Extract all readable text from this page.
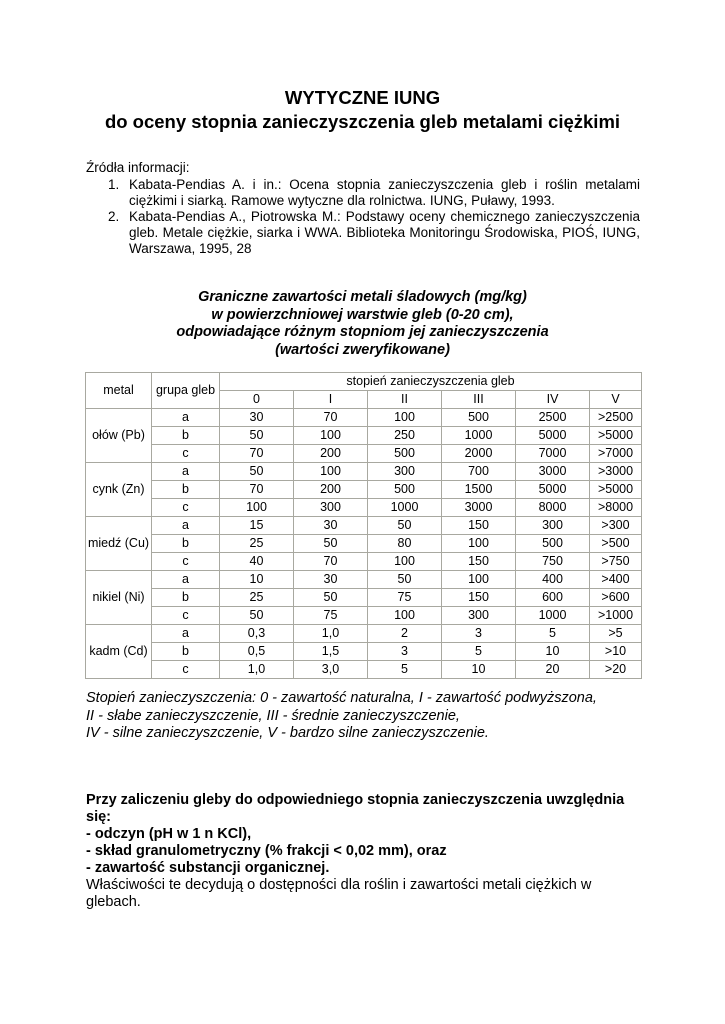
WYTYCZNE IUNG
do oceny stopnia zanieczyszczenia gleb metalami ciężkimi
Źródła informacji:
1. Kabata-Pendias A. i in.: Ocena stopnia zanieczyszczenia gleb i roślin metalami ciężkimi i siarką. Ramowe wytyczne dla rolnictwa. IUNG, Puławy, 1993.
2. Kabata-Pendias A., Piotrowska M.: Podstawy oceny chemicznego zanieczyszczenia gleb. Metale ciężkie, siarka i WWA. Biblioteka Monitoringu Środowiska, PIOŚ, IUNG, Warszawa, 1995, 28
Graniczne zawartości metali śladowych (mg/kg)
w powierzchniowej warstwie gleb (0-20 cm),
odpowiadające różnym stopniom jej zanieczyszczenia
(wartości zweryfikowane)
metal	grupa gleb	stopień zanieczyszczenia gleb					
		0	I	II	III	IV	V
ołów (Pb)	a	30	70	100	500	2500	>2500
	b	50	100	250	1000	5000	>5000
	c	70	200	500	2000	7000	>7000
cynk (Zn)	a	50	100	300	700	3000	>3000
	b	70	200	500	1500	5000	>5000
	c	100	300	1000	3000	8000	>8000
miedź (Cu)	a	15	30	50	150	300	>300
	b	25	50	80	100	500	>500
	c	40	70	100	150	750	>750
nikiel (Ni)	a	10	30	50	100	400	>400
	b	25	50	75	150	600	>600
	c	50	75	100	300	1000	>1000
kadm (Cd)	a	0,3	1,0	2	3	5	>5
	b	0,5	1,5	3	5	10	>10
	c	1,0	3,0	5	10	20	>20
Stopień zanieczyszczenia: 0 - zawartość naturalna, I - zawartość podwyższona,
II - słabe zanieczyszczenie, III - średnie zanieczyszczenie,
IV - silne zanieczyszczenie, V - bardzo silne zanieczyszczenie.
Przy zaliczeniu gleby do odpowiedniego stopnia zanieczyszczenia uwzględnia
się:
- odczyn (pH w 1 n KCl),
- skład granulometryczny (% frakcji < 0,02 mm), oraz
- zawartość substancji organicznej.
Właściwości te decydują o dostępności dla roślin i zawartości metali ciężkich w
glebach.
